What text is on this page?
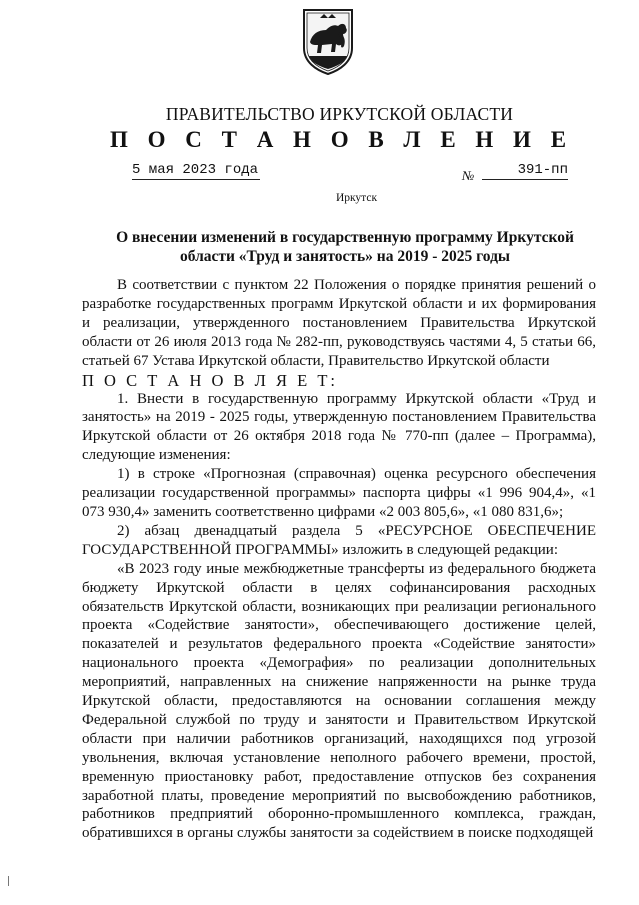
ПРАВИТЕЛЬСТВО ИРКУТСКОЙ ОБЛАСТИ
П О С Т А Н О В Л Е Н И Е
5 мая 2023 года	№	391-пп
Иркутск
О внесении изменений в государственную программу Иркутской области «Труд и занятость» на 2019 - 2025 годы

В соответствии с пунктом 22 Положения о порядке принятия решений о разработке государственных программ Иркутской области и их формирования и реализации, утвержденного постановлением Правительства Иркутской области от 26 июля 2013 года № 282-пп, руководствуясь частями 4, 5 статьи 66, статьей 67 Устава Иркутской области, Правительство Иркутской области

П О С Т А Н О В Л Я Е Т:

1. Внести в государственную программу Иркутской области «Труд и занятость» на 2019 - 2025 годы, утвержденную постановлением Правительства Иркутской области от 26 октября 2018 года № 770-пп (далее – Программа), следующие изменения:

1) в строке «Прогнозная (справочная) оценка ресурсного обеспечения реализации государственной программы» паспорта цифры «1 996 904,4», «1 073 930,4» заменить соответственно цифрами «2 003 805,6», «1 080 831,6»;

2) абзац двенадцатый раздела 5 «РЕСУРСНОЕ ОБЕСПЕЧЕНИЕ ГОСУДАРСТВЕННОЙ ПРОГРАММЫ» изложить в следующей редакции:

«В 2023 году иные межбюджетные трансферты из федерального бюджета бюджету Иркутской области в целях софинансирования расходных обязательств Иркутской области, возникающих при реализации регионального проекта «Содействие занятости», обеспечивающего достижение целей, показателей и результатов федерального проекта «Содействие занятости» национального проекта «Демография» по реализации дополнительных мероприятий, направленных на снижение напряженности на рынке труда Иркутской области, предоставляются на основании соглашения между Федеральной службой по труду и занятости и Правительством Иркутской области при наличии работников организаций, находящихся под угрозой увольнения, включая установление неполного рабочего времени, простой, временную приостановку работ, предоставление отпусков без сохранения заработной платы, проведение мероприятий по высвобождению работников, работников предприятий оборонно-промышленного комплекса, граждан, обратившихся в органы службы занятости за содействием в поиске подходящей
